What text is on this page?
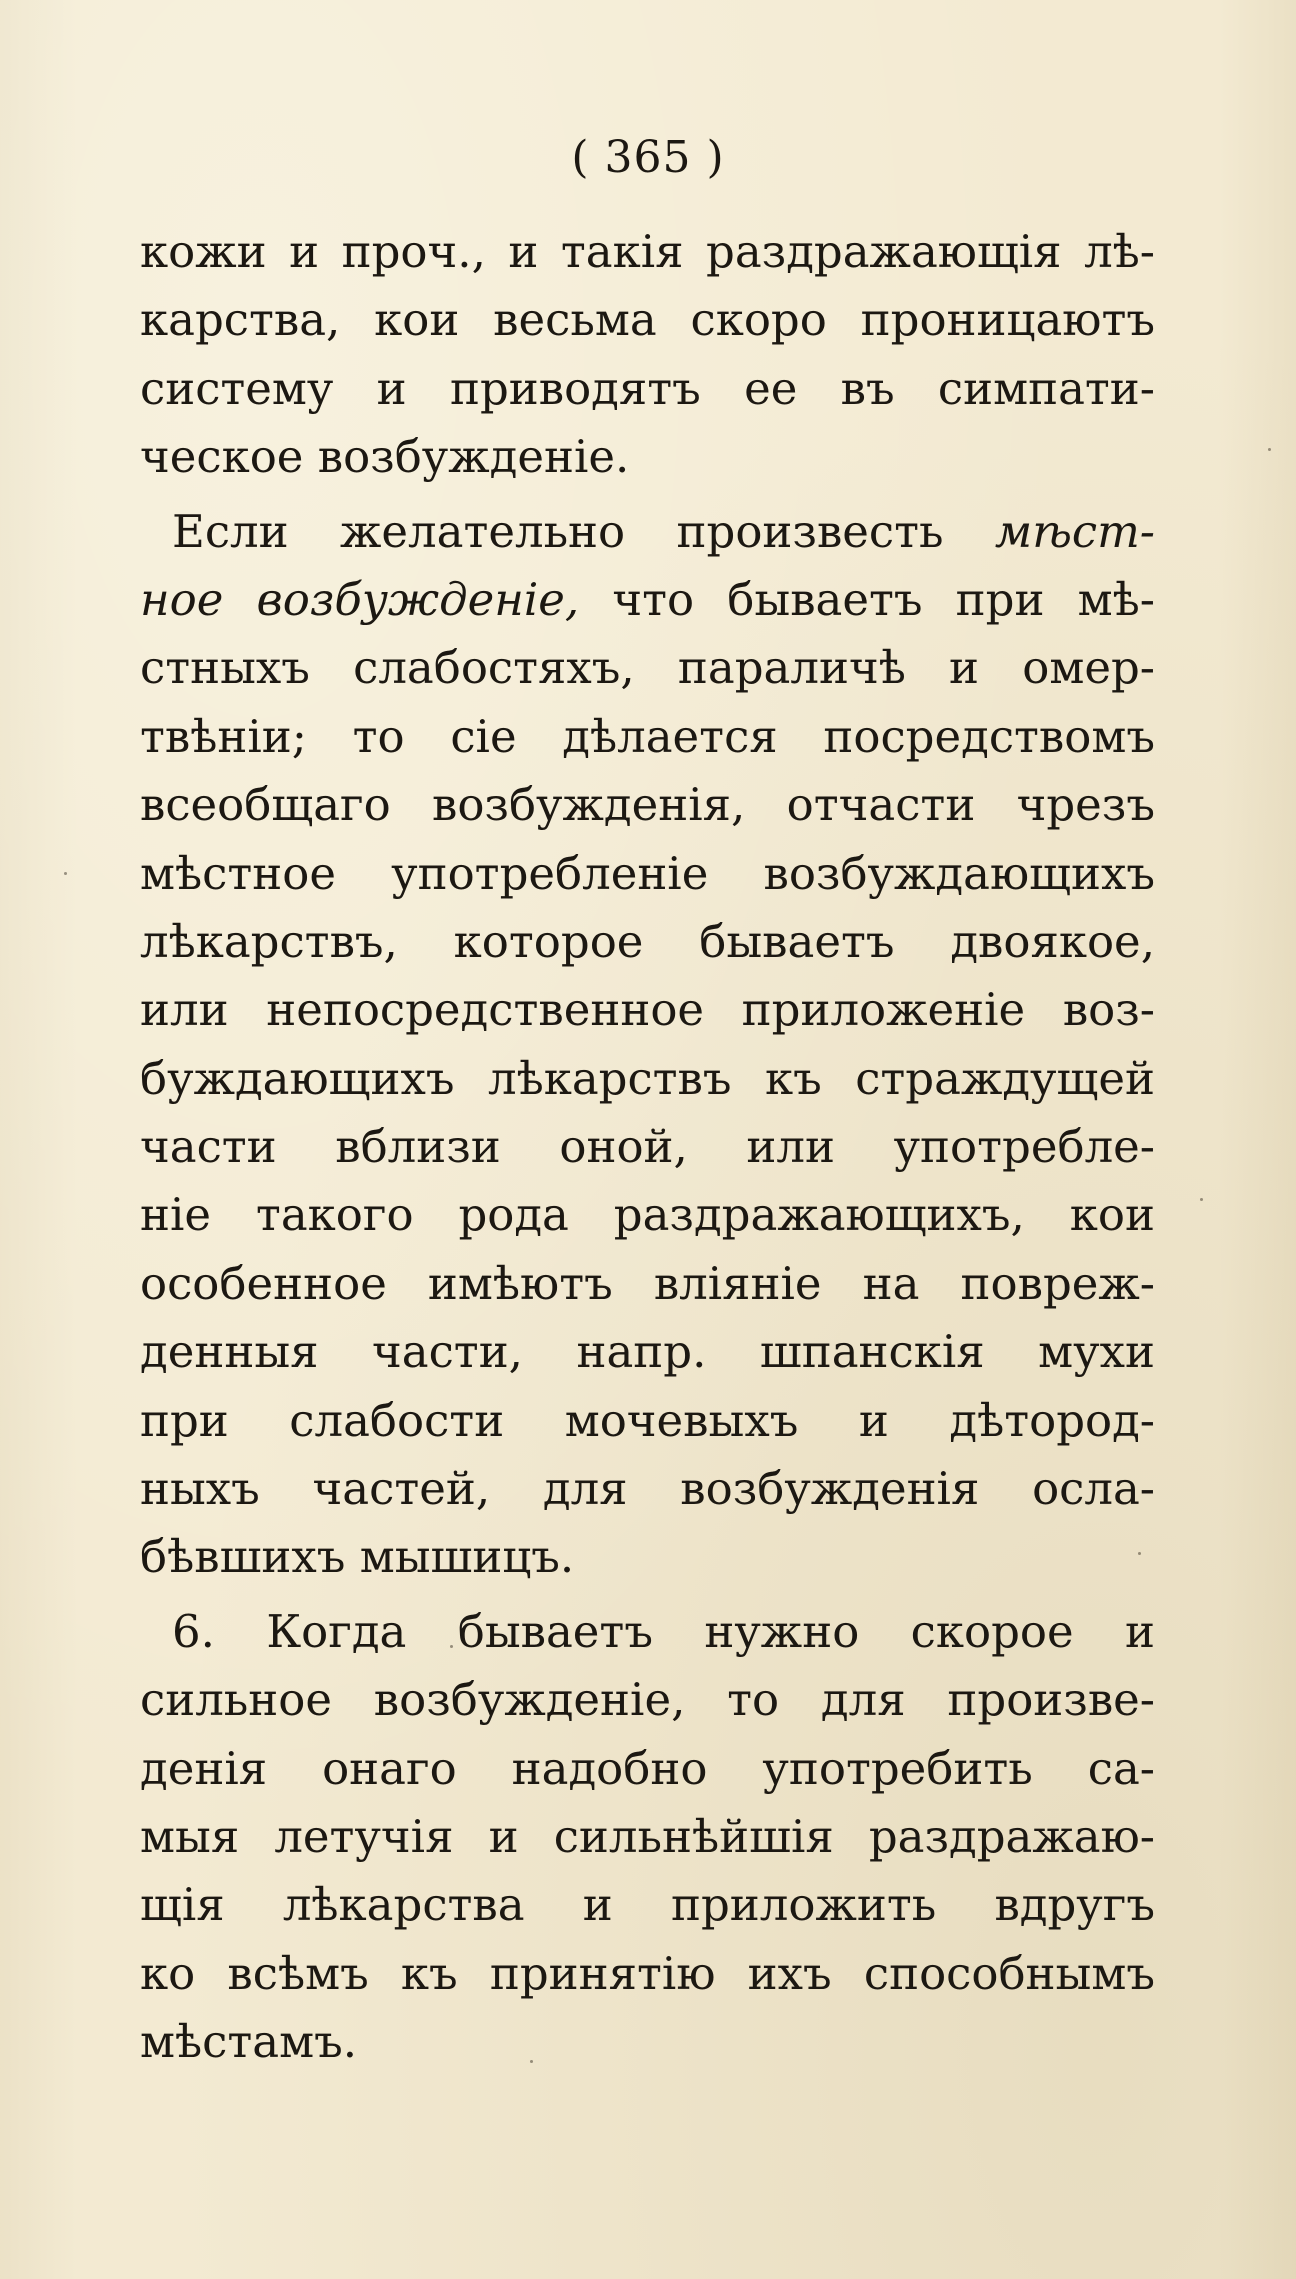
( 365 )
кожи и проч., и такія раздражающія лѣ-
карства, кои весьма скоро проницаютъ
систему и приводятъ ее въ симпати-
ческое возбужденіе.
Если желательно произвесть мѣст-
ное возбужденіе, что бываетъ при мѣ-
стныхъ слабостяхъ, параличѣ и омер-
твѣніи; то сіе дѣлается посредствомъ
всеобщаго возбужденія, отчасти чрезъ
мѣстное употребленіе возбуждающихъ
лѣкарствъ, которое бываетъ двоякое,
или непосредственное приложеніе воз-
буждающихъ лѣкарствъ къ страждущей
части вблизи оной, или употребле-
ніе такого рода раздражающихъ, кои
особенное имѣютъ вліяніе на повреж-
денныя части, напр. шпанскія мухи
при слабости мочевыхъ и дѣтород-
ныхъ частей, для возбужденія осла-
бѣвшихъ мышицъ.
6. Когда бываетъ нужно скорое и
сильное возбужденіе, то для произве-
денія онаго надобно употребить са-
мыя летучія и сильнѣйшія раздражаю-
щія лѣкарства и приложить вдругъ
ко всѣмъ къ принятію ихъ способнымъ
мѣстамъ.
